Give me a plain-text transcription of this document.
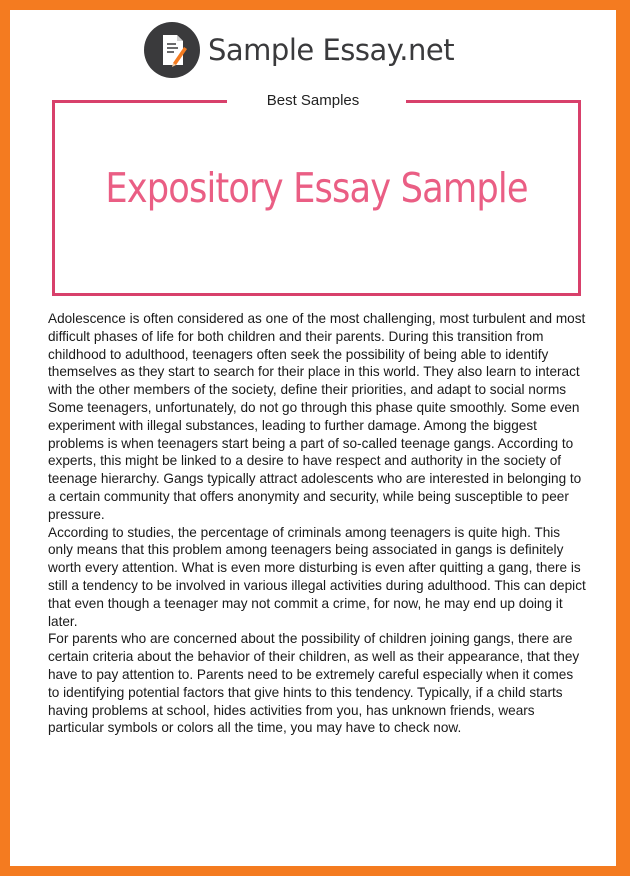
Sample Essay.net
Best Samples
Expository Essay Sample

Adolescence is often considered as one of the most challenging, most turbulent and most difficult phases of life for both children and their parents. During this transition from childhood to adulthood, teenagers often seek the possibility of being able to identify themselves as they start to search for their place in this world. They also learn to interact with the other members of the society, define their priorities, and adapt to social norms

Some teenagers, unfortunately, do not go through this phase quite smoothly. Some even experiment with illegal substances, leading to further damage. Among the biggest problems is when teenagers start being a part of so-called teenage gangs. According to experts, this might be linked to a desire to have respect and authority in the society of teenage hierarchy. Gangs typically attract adolescents who are interested in belonging to a certain community that offers anonymity and security, while being susceptible to peer pressure.

According to studies, the percentage of criminals among teenagers is quite high. This only means that this problem among teenagers being associated in gangs is definitely worth every attention. What is even more disturbing is even after quitting a gang, there is still a tendency to be involved in various illegal activities during adulthood. This can depict that even though a teenager may not commit a crime, for now, he may end up doing it later.

For parents who are concerned about the possibility of children joining gangs, there are certain criteria about the behavior of their children, as well as their appearance, that they have to pay attention to. Parents need to be extremely careful especially when it comes to identifying potential factors that give hints to this tendency. Typically, if a child starts having problems at school, hides activities from you, has unknown friends, wears particular symbols or colors all the time, you may have to check now.
